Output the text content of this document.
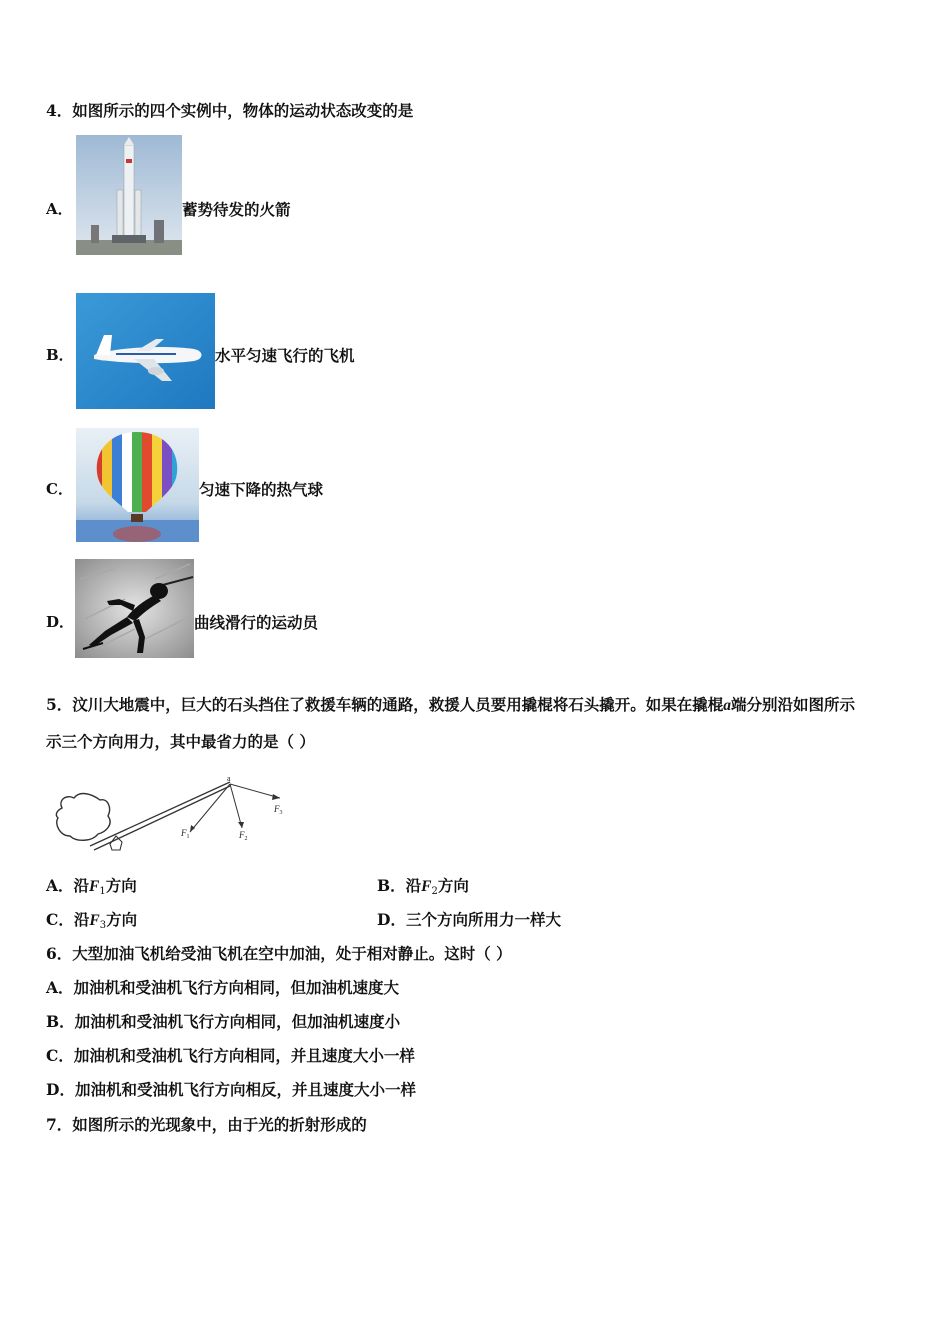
4．如图所示的四个实例中，物体的运动状态改变的是
A．	蓄势待发的火箭
B．	水平匀速飞行的飞机
C．	匀速下降的热气球
D．	曲线滑行的运动员
5．汶川大地震中，巨大的石头挡住了救援车辆的通路，救援人员要用撬棍将石头撬开。如果在撬棍a端分别沿如图所示
示三个方向用力，其中最省力的是（ ）
a
$F_1$	$F_2$
$F_3$
A．沿$F_1$方向	B．沿$F_2$方向
C．沿$F_3$方向	D．三个方向所用力一样大
6．大型加油飞机给受油飞机在空中加油，处于相对静止。这时（ ）
A．加油机和受油机飞行方向相同，但加油机速度大
B．加油机和受油机飞行方向相同，但加油机速度小
C．加油机和受油机飞行方向相同，并且速度大小一样
D．加油机和受油机飞行方向相反，并且速度大小一样
7．如图所示的光现象中，由于光的折射形成的
